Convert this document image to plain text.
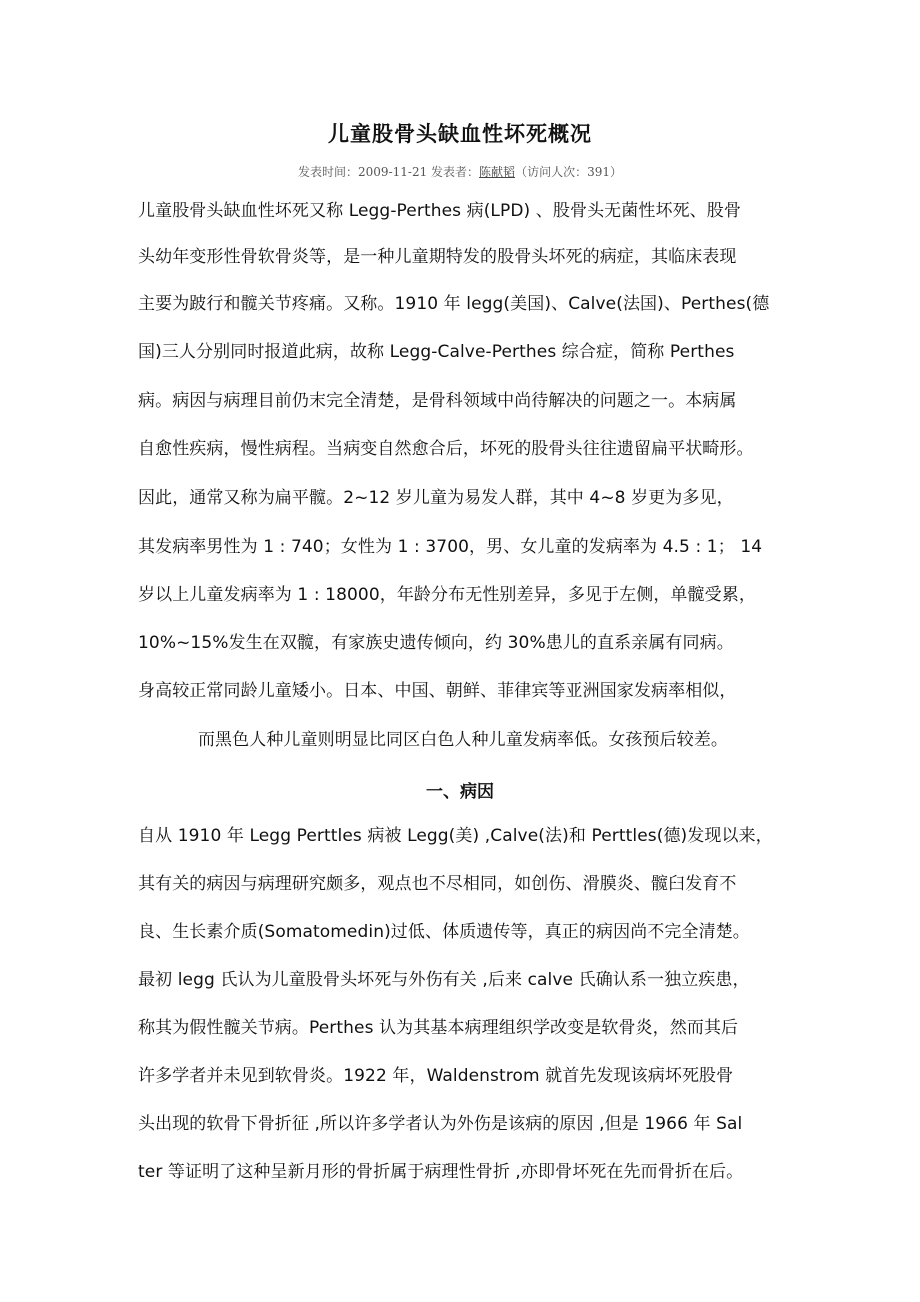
儿童股骨头缺血性坏死概况
发表时间：2009-11-21 发表者：陈献韬（访问人次：391）
儿童股骨头缺血性坏死又称 Legg-Perthes 病(LPD) 、股骨头无菌性坏死、股骨
头幼年变形性骨软骨炎等，是一种儿童期特发的股骨头坏死的病症，其临床表现
主要为跛行和髋关节疼痛。又称。1910 年 legg(美国)、Calve(法国)、Perthes(德
国)三人分别同时报道此病，故称 Legg-Calve-Perthes 综合症，简称 Perthes
病。病因与病理目前仍末完全清楚，是骨科领域中尚待解决的问题之一。本病属
自愈性疾病，慢性病程。当病变自然愈合后，坏死的股骨头往往遗留扁平状畸形。
因此，通常又称为扁平髋。2~12 岁儿童为易发人群，其中 4~8 岁更为多见，
其发病率男性为 1 : 740；女性为 1 : 3700，男、女儿童的发病率为 4.5 : 1； 14
岁以上儿童发病率为 1 : 18000，年龄分布无性别差异，多见于左侧，单髋受累，
10%~15%发生在双髋，有家族史遗传倾向，约 30%患儿的直系亲属有同病。
身高较正常同龄儿童矮小。日本、中国、朝鲜、菲律宾等亚洲国家发病率相似，
而黑色人种儿童则明显比同区白色人种儿童发病率低。女孩预后较差。
一、病因
自从 1910 年 Legg Perttles 病被 Legg(美) ,Calve(法)和 Perttles(德)发现以来，
其有关的病因与病理研究颇多，观点也不尽相同，如创伤、滑膜炎、髋臼发育不
良、生长素介质(Somatomedin)过低、体质遗传等，真正的病因尚不完全清楚。
最初 legg 氏认为儿童股骨头坏死与外伤有关 ,后来 calve 氏确认系一独立疾患，
称其为假性髋关节病。Perthes 认为其基本病理组织学改变是软骨炎，然而其后
许多学者并未见到软骨炎。1922 年，Waldenstrom 就首先发现该病坏死股骨
头出现的软骨下骨折征 ,所以许多学者认为外伤是该病的原因 ,但是 1966 年 Sal
ter 等证明了这种呈新月形的骨折属于病理性骨折 ,亦即骨坏死在先而骨折在后。
